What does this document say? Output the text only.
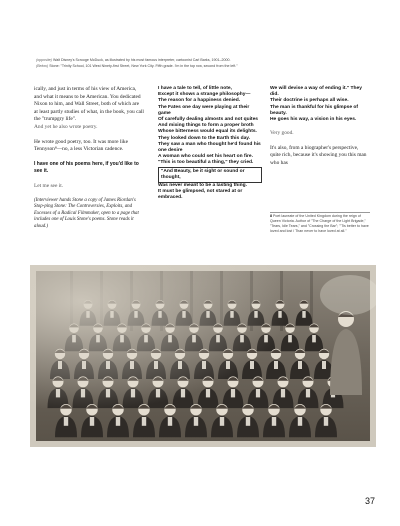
(opposite) Walt Disney's Scrooge McDuck, as illustrated by his most famous interpreter, cartoonist Carl Barks, 1901–2000.

(Below) Stone: "Trinity School, 101 West Ninety-first Street, New York City. Fifth grade. I'm in the top row, second from the left."

ically, and just in terms of his view of America, and what it means to be American. You dedicated Nixon to him, and Wall Street, both of which are at least partly studies of what, in the book, you call the "trumpgry life".
And yet he also wrote poetry.

He wrote good poetry, too. It was more like Tennyson⁸—no, a less Victorian cadence.

I have one of his poems here, if you'd like to see it.

Let me see it.

(Interviewer hands Stone a copy of James Riordan's Stop-ping Stone: The Controversies, Exploits, and Excesses of a Radical Filmmaker, open to a page that includes one of Louis Stone's poems. Stone reads it aloud.)

I have a tale to tell, of little note,
Except it shows a strange philosophy—
The reason for a happiness denied.
The Fates one day were playing at their game
Of carefully dealing almosts and not quites
And mixing things to form a proper broth
Whose bitterness would equal its delights.
They looked down to the Earth this day.
They saw a man who thought he'd found his one desire
A woman who could set his heart on fire.
"This is too beautiful a thing," they cried.
"And Beauty, be it sight or sound or thought,
Was never meant to be a lasting thing.
It must be glimpsed, not stared at or embraced.

We will devise a way of ending it." They did.
Their doctrine is perhaps all wise.
The man is thankful for his glimpse of beauty.
He goes his way, a vision in his eyes.

Very good.

It's also, from a biographer's perspective, quite rich, because it's showing you this man who has

8 Poet laureate of the United Kingdom during the reign of Queen Victoria. Author of "The Charge of the Light Brigade," "Tears, Idle Tears," and "Crossing the Bar"; "'Tis better to have loved and lost / Than never to have loved at all."
37
